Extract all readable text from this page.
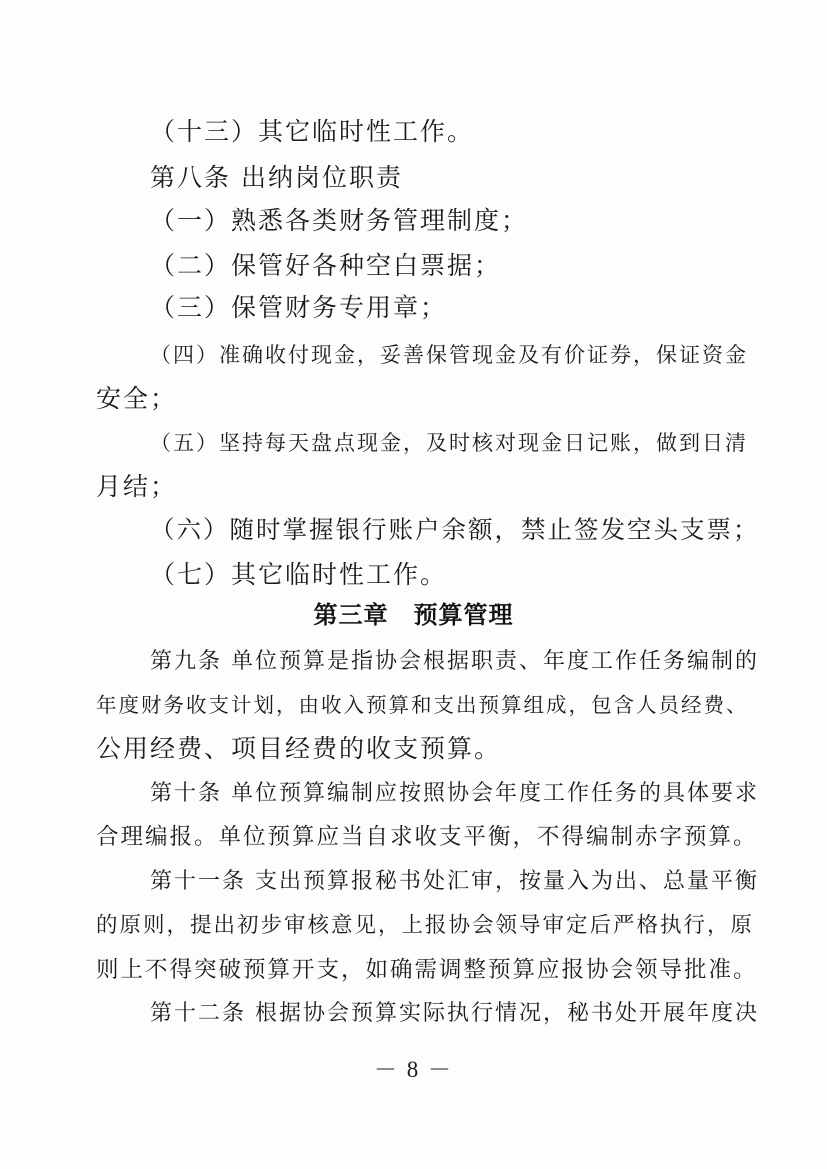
（十三）其它临时性工作。
第八条 出纳岗位职责
（一）熟悉各类财务管理制度；
（二）保管好各种空白票据；
（三）保管财务专用章；
（四）准确收付现金，妥善保管现金及有价证券，保证资金
安全；
（五）坚持每天盘点现金，及时核对现金日记账，做到日清
月结；
（六）随时掌握银行账户余额，禁止签发空头支票；
（七）其它临时性工作。
第三章　预算管理
第九条 单位预算是指协会根据职责、年度工作任务编制的
年度财务收支计划，由收入预算和支出预算组成，包含人员经费、
公用经费、项目经费的收支预算。
第十条 单位预算编制应按照协会年度工作任务的具体要求
合理编报。单位预算应当自求收支平衡，不得编制赤字预算。
第十一条 支出预算报秘书处汇审，按量入为出、总量平衡
的原则，提出初步审核意见，上报协会领导审定后严格执行，原
则上不得突破预算开支，如确需调整预算应报协会领导批准。
第十二条 根据协会预算实际执行情况，秘书处开展年度决
－ 8 －
